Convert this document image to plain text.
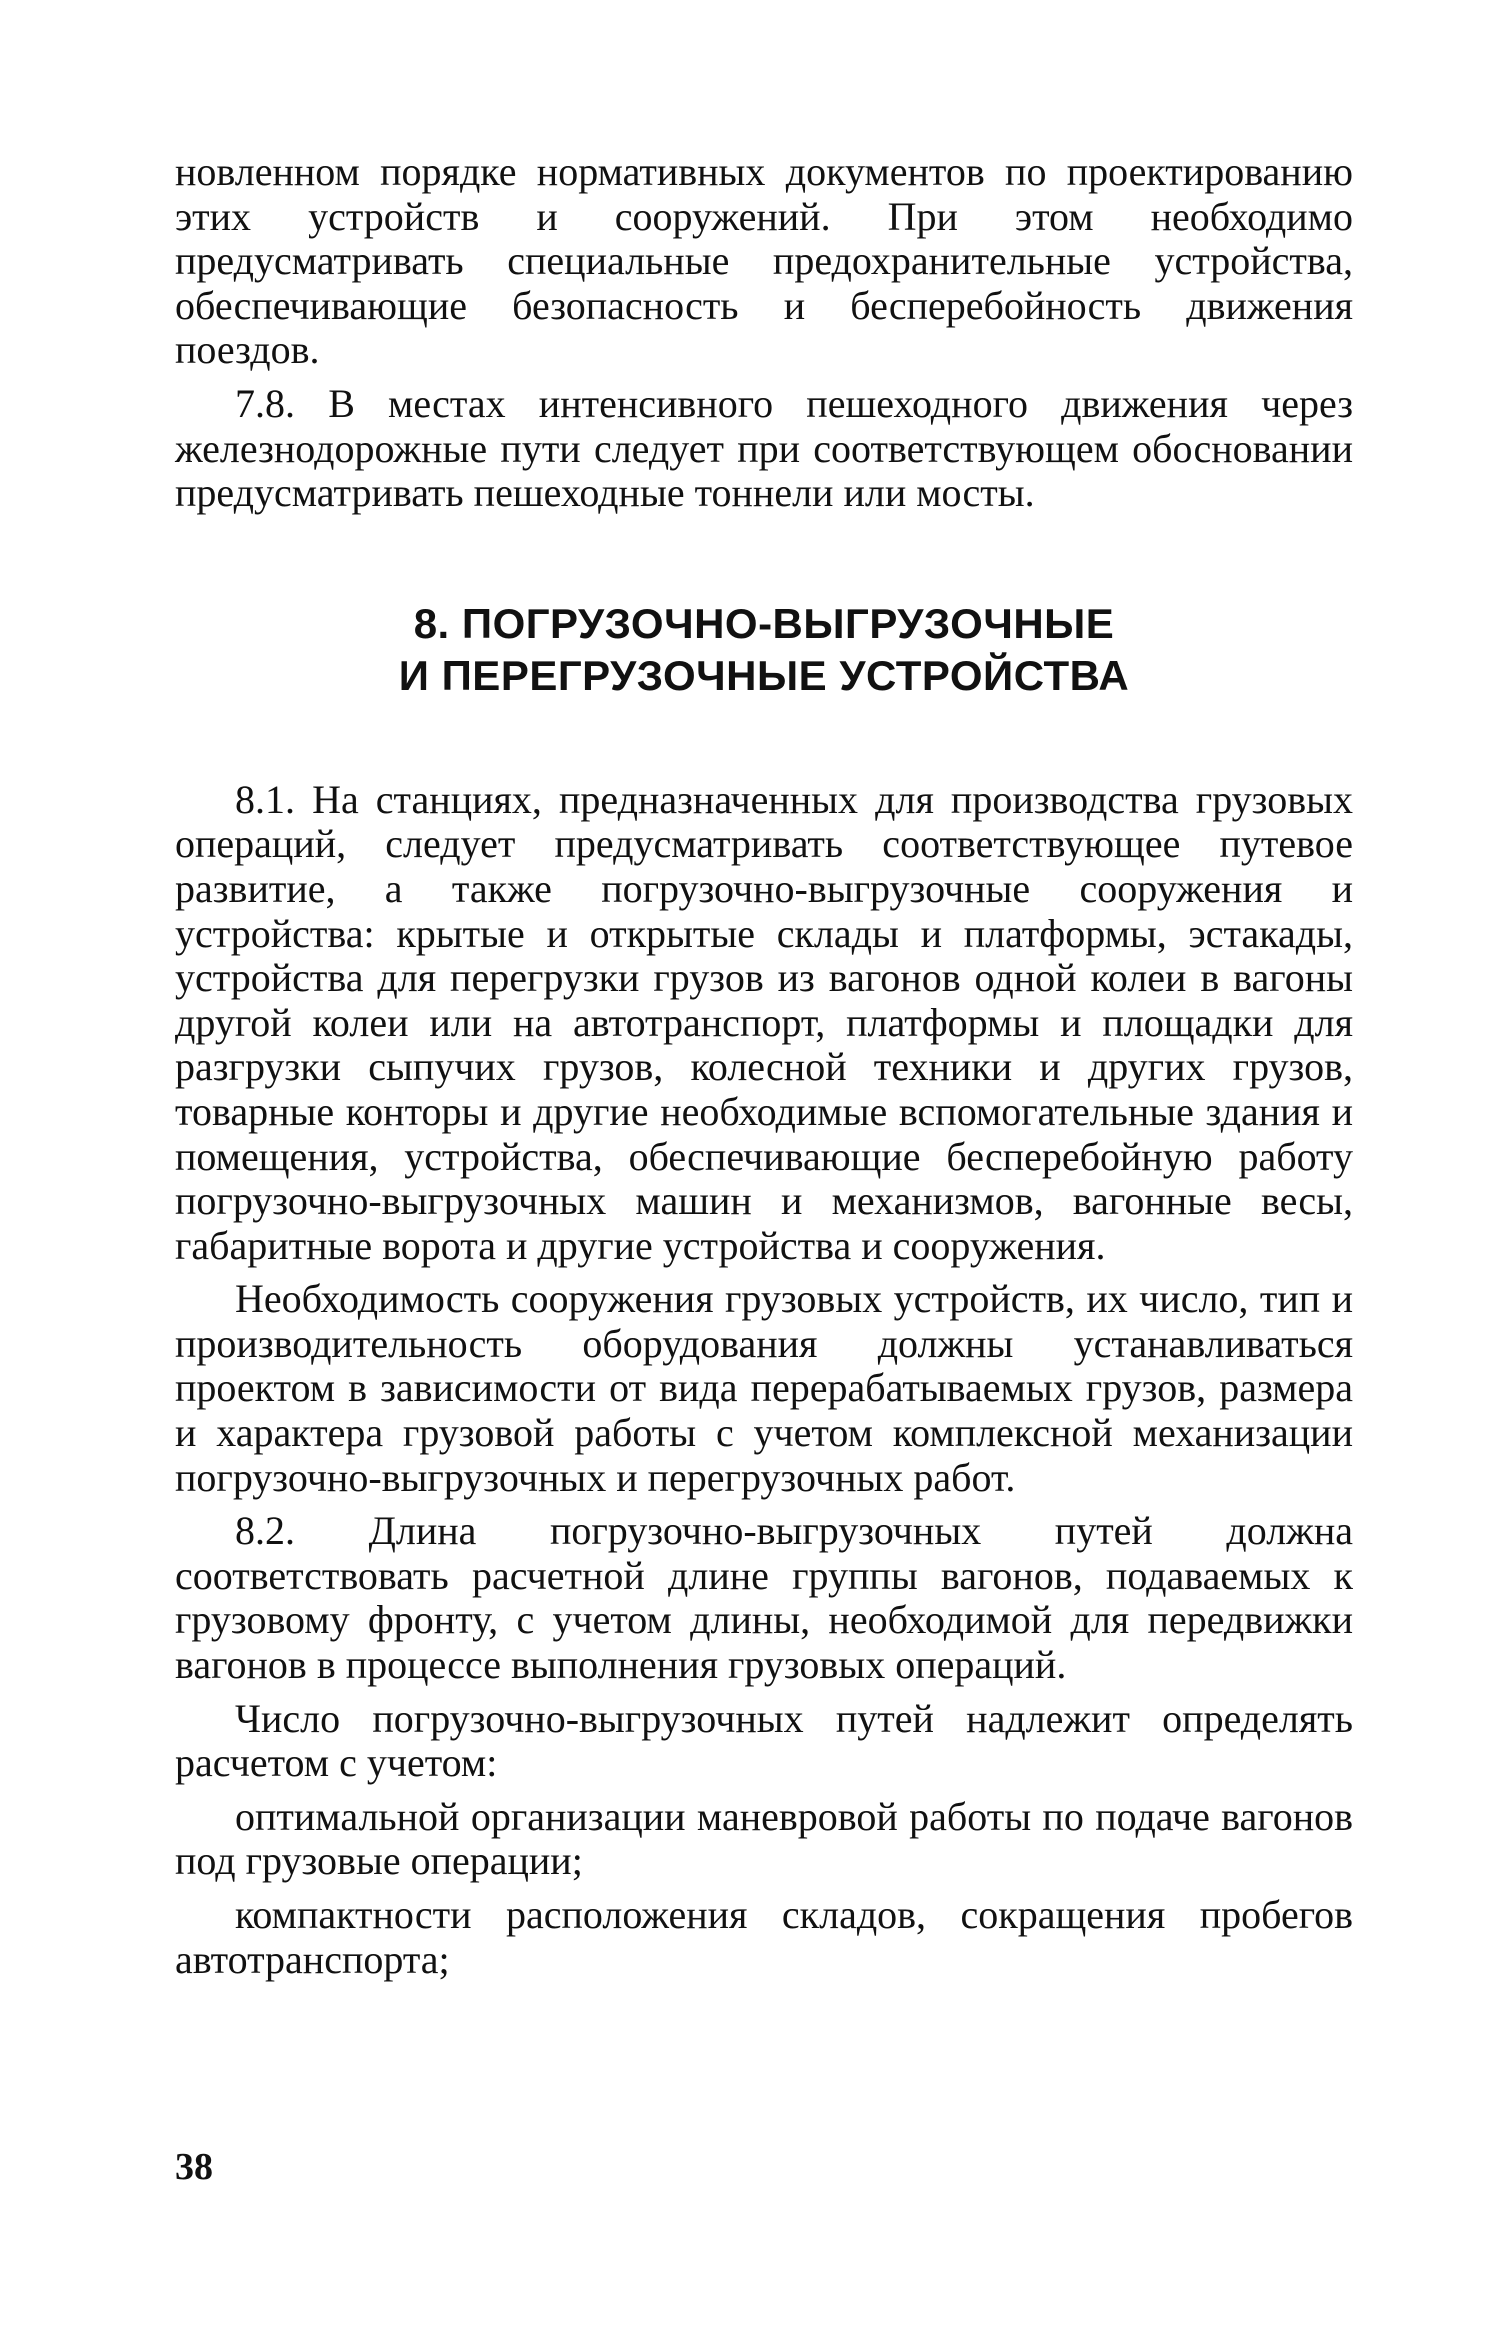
новленном порядке нормативных документов по проектированию этих устройств и сооружений. При этом необходимо предусматривать специальные предохранительные устройства, обеспечивающие безопасность и бесперебойность движения поездов.

7.8. В местах интенсивного пешеходного движения через железнодорожные пути следует при соответствующем обосновании предусматривать пешеходные тоннели или мосты.

8. ПОГРУЗОЧНО-ВЫГРУЗОЧНЫЕ
И ПЕРЕГРУЗОЧНЫЕ УСТРОЙСТВА

8.1. На станциях, предназначенных для производства грузовых операций, следует предусматривать соответствующее путевое развитие, а также погрузочно-выгрузочные сооружения и устройства: крытые и открытые склады и платформы, эстакады, устройства для перегрузки грузов из вагонов одной колеи в вагоны другой колеи или на автотранспорт, платформы и площадки для разгрузки сыпучих грузов, колесной техники и других грузов, товарные конторы и другие необходимые вспомогательные здания и помещения, устройства, обеспечивающие бесперебойную работу погрузочно-выгрузочных машин и механизмов, вагонные весы, габаритные ворота и другие устройства и сооружения.

Необходимость сооружения грузовых устройств, их число, тип и производительность оборудования должны устанавливаться проектом в зависимости от вида перерабатываемых грузов, размера и характера грузовой работы с учетом комплексной механизации погрузочно-выгрузочных и перегрузочных работ.

8.2. Длина погрузочно-выгрузочных путей должна соответствовать расчетной длине группы вагонов, подаваемых к грузовому фронту, с учетом длины, необходимой для передвижки вагонов в процессе выполнения грузовых операций.

Число погрузочно-выгрузочных путей надлежит определять расчетом с учетом:

оптимальной организации маневровой работы по подаче вагонов под грузовые операции;

компактности расположения складов, сокращения пробегов автотранспорта;

38
